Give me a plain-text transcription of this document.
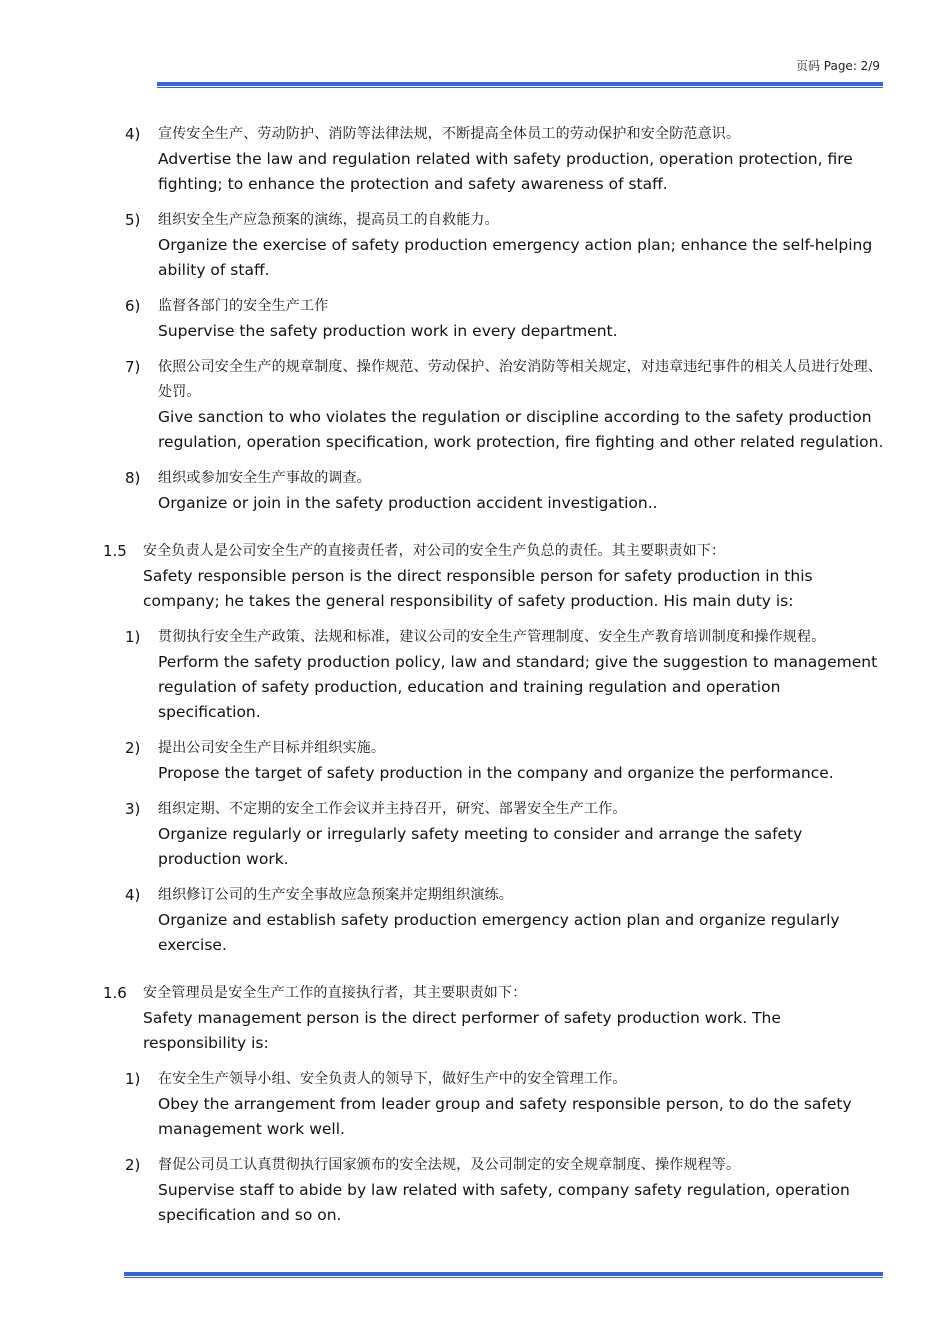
页码 Page: 2/9
4) 宣传安全生产、劳动防护、消防等法律法规，不断提高全体员工的劳动保护和安全防范意识。
Advertise the law and regulation related with safety production, operation protection, fire fighting; to enhance the protection and safety awareness of staff.
5) 组织安全生产应急预案的演练，提高员工的自救能力。
Organize the exercise of safety production emergency action plan; enhance the self-helping ability of staff.
6) 监督各部门的安全生产工作
Supervise the safety production work in every department.
7) 依照公司安全生产的规章制度、操作规范、劳动保护、治安消防等相关规定，对违章违纪事件的相关人员进行处理、处罚。
Give sanction to who violates the regulation or discipline according to the safety production regulation, operation specification, work protection, fire fighting and other related regulation.
8) 组织或参加安全生产事故的调查。
Organize or join in the safety production accident investigation..
1.5 安全负责人是公司安全生产的直接责任者，对公司的安全生产负总的责任。其主要职责如下：
Safety responsible person is the direct responsible person for safety production in this company; he takes the general responsibility of safety production. His main duty is:
1) 贯彻执行安全生产政策、法规和标准，建议公司的安全生产管理制度、安全生产教育培训制度和操作规程。
Perform the safety production policy, law and standard; give the suggestion to management regulation of safety production, education and training regulation and operation specification.
2) 提出公司安全生产目标并组织实施。
Propose the target of safety production in the company and organize the performance.
3) 组织定期、不定期的安全工作会议并主持召开，研究、部署安全生产工作。
Organize regularly or irregularly safety meeting to consider and arrange the safety production work.
4) 组织修订公司的生产安全事故应急预案并定期组织演练。
Organize and establish safety production emergency action plan and organize regularly exercise.
1.6 安全管理员是安全生产工作的直接执行者，其主要职责如下：
Safety management person is the direct performer of safety production work. The responsibility is:
1) 在安全生产领导小组、安全负责人的领导下，做好生产中的安全管理工作。
Obey the arrangement from leader group and safety responsible person, to do the safety management work well.
2) 督促公司员工认真贯彻执行国家颁布的安全法规，及公司制定的安全规章制度、操作规程等。
Supervise staff to abide by law related with safety, company safety regulation, operation specification and so on.
